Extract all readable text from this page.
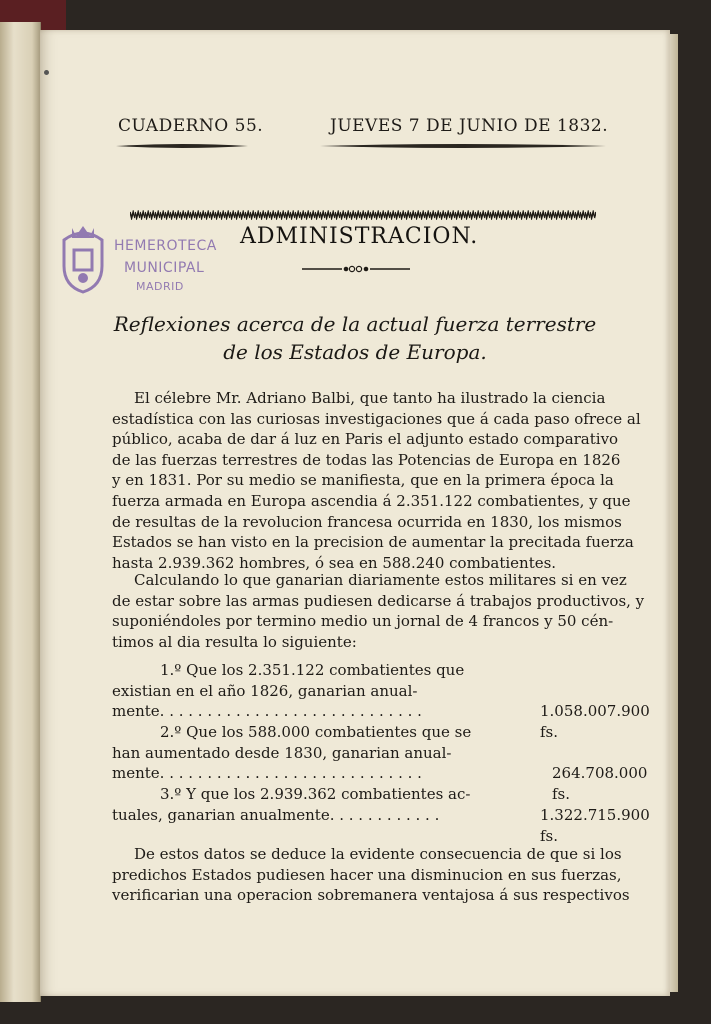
CUADERNO 55.	JUEVES 7 DE JUNIO DE 1832.
HEMEROTECA
MUNICIPAL
MADRID
ADMINISTRACION.
Reflexiones acerca de la actual fuerza terrestre
de los Estados de Europa.
El célebre Mr. Adriano Balbi, que tanto ha ilustrado la ciencia
estadística con las curiosas investigaciones que á cada paso ofrece al
público, acaba de dar á luz en Paris el adjunto estado comparativo
de las fuerzas terrestres de todas las Potencias de Europa en 1826
y en 1831. Por su medio se manifiesta, que en la primera época la
fuerza armada en Europa ascendia á 2.351.122 combatientes, y que
de resultas de la revolucion francesa ocurrida en 1830, los mismos
Estados se han visto en la precision de aumentar la precitada fuerza
hasta 2.939.362 hombres, ó sea en 588.240 combatientes.
Calculando lo que ganarian diariamente estos militares si en vez
de estar sobre las armas pudiesen dedicarse á trabajos productivos, y
suponiéndoles por termino medio un jornal de 4 francos y 50 cén-
timos al dia resulta lo siguiente:
1.º Que los 2.351.122 combatientes que
existian en el año 1826, ganarian anual-
mente. . . . . . . . . . . . . . . . . . . . . . . . . . . .	1.058.007.900 fs.
2.º Que los 588.000 combatientes que se
han aumentado desde 1830, ganarian anual-
mente. . . . . . . . . . . . . . . . . . . . . . . . . . . .	264.708.000 fs.
3.º Y que los 2.939.362 combatientes ac-
tuales, ganarian anualmente. . . . . . . . . . . .	1.322.715.900 fs.
De estos datos se deduce la evidente consecuencia de que si los
predichos Estados pudiesen hacer una disminucion en sus fuerzas,
verificarian una operacion sobremanera ventajosa á sus respectivos
